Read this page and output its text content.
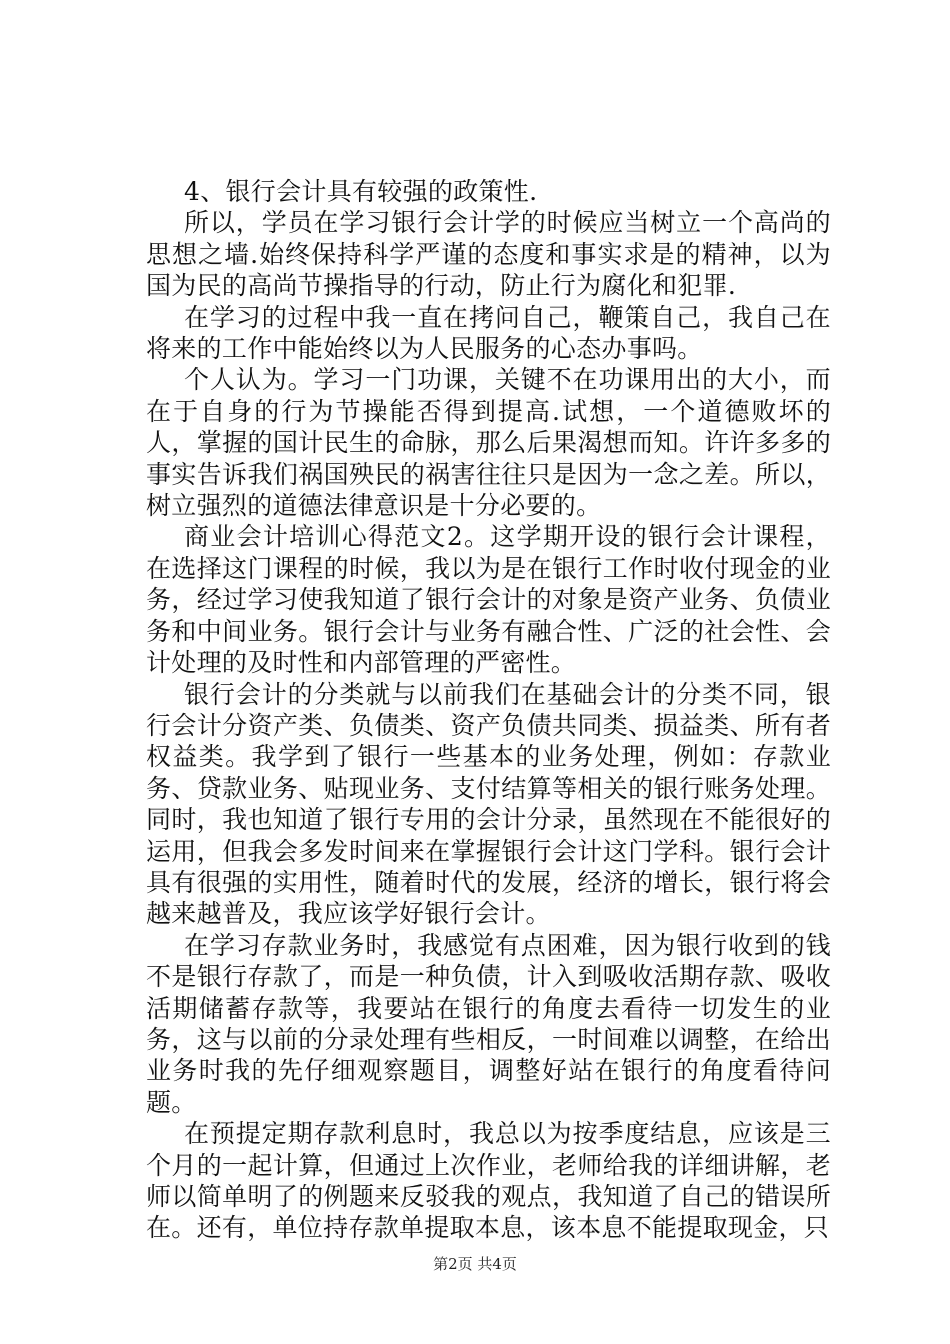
4、银行会计具有较强的政策性.

所以，学员在学习银行会计学的时候应当树立一个高尚的思想之墙.始终保持科学严谨的态度和事实求是的精神，以为国为民的高尚节操指导的行动，防止行为腐化和犯罪.

在学习的过程中我一直在拷问自己，鞭策自己，我自己在将来的工作中能始终以为人民服务的心态办事吗。

个人认为。学习一门功课，关键不在功课用出的大小，而在于自身的行为节操能否得到提高.试想，一个道德败坏的人，掌握的国计民生的命脉，那么后果渴想而知。许许多多的事实告诉我们祸国殃民的祸害往往只是因为一念之差。所以，树立强烈的道德法律意识是十分必要的。

商业会计培训心得范文2。这学期开设的银行会计课程，在选择这门课程的时候，我以为是在银行工作时收付现金的业务，经过学习使我知道了银行会计的对象是资产业务、负债业务和中间业务。银行会计与业务有融合性、广泛的社会性、会计处理的及时性和内部管理的严密性。

银行会计的分类就与以前我们在基础会计的分类不同，银行会计分资产类、负债类、资产负债共同类、损益类、所有者权益类。我学到了银行一些基本的业务处理，例如：存款业务、贷款业务、贴现业务、支付结算等相关的银行账务处理。同时，我也知道了银行专用的会计分录，虽然现在不能很好的运用，但我会多发时间来在掌握银行会计这门学科。银行会计具有很强的实用性，随着时代的发展，经济的增长，银行将会越来越普及，我应该学好银行会计。

在学习存款业务时，我感觉有点困难，因为银行收到的钱不是银行存款了，而是一种负债，计入到吸收活期存款、吸收活期储蓄存款等，我要站在银行的角度去看待一切发生的业务，这与以前的分录处理有些相反，一时间难以调整，在给出业务时我的先仔细观察题目，调整好站在银行的角度看待问题。

在预提定期存款利息时，我总以为按季度结息，应该是三个月的一起计算，但通过上次作业，老师给我的详细讲解，老师以简单明了的例题来反驳我的观点，我知道了自己的错误所在。还有，单位持存款单提取本息，该本息不能提取现金，只

第2页 共4页
